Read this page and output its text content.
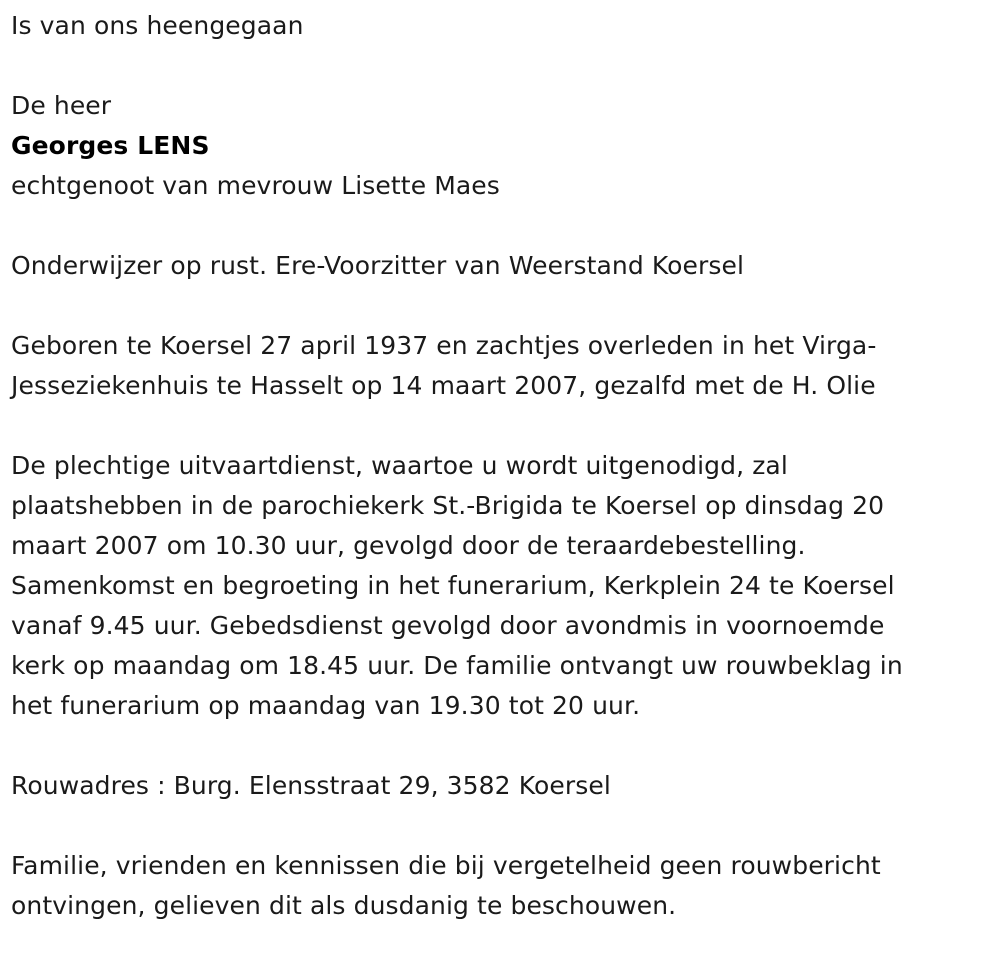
Is van ons heengegaan
De heer
Georges LENS
echtgenoot van mevrouw Lisette Maes
Onderwijzer op rust. Ere-Voorzitter van Weerstand Koersel
Geboren te Koersel 27 april 1937 en zachtjes overleden in het Virga-
Jesseziekenhuis te Hasselt op 14 maart 2007, gezalfd met de H. Olie
De plechtige uitvaartdienst, waartoe u wordt uitgenodigd, zal
plaatshebben in de parochiekerk St.-Brigida te Koersel op dinsdag 20
maart 2007 om 10.30 uur, gevolgd door de teraardebestelling.
Samenkomst en begroeting in het funerarium, Kerkplein 24 te Koersel
vanaf 9.45 uur. Gebedsdienst gevolgd door avondmis in voornoemde
kerk op maandag om 18.45 uur. De familie ontvangt uw rouwbeklag in
het funerarium op maandag van 19.30 tot 20 uur.
Rouwadres : Burg. Elensstraat 29, 3582 Koersel
Familie, vrienden en kennissen die bij vergetelheid geen rouwbericht
ontvingen, gelieven dit als dusdanig te beschouwen.
